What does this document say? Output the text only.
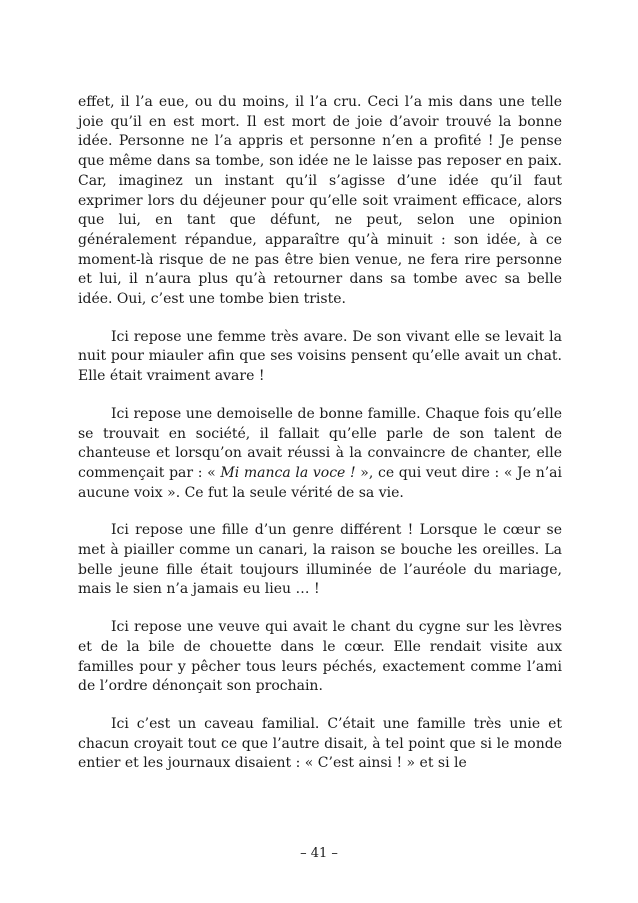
effet, il l’a eue, ou du moins, il l’a cru. Ceci l’a mis dans une telle joie qu’il en est mort. Il est mort de joie d’avoir trouvé la bonne idée. Personne ne l’a appris et personne n’en a profité ! Je pense que même dans sa tombe, son idée ne le laisse pas reposer en paix. Car, imaginez un instant qu’il s’agisse d’une idée qu’il faut exprimer lors du déjeuner pour qu’elle soit vraiment efficace, alors que lui, en tant que défunt, ne peut, selon une opinion généralement répandue, apparaître qu’à minuit : son idée, à ce moment-là risque de ne pas être bien venue, ne fera rire personne et lui, il n’aura plus qu’à retourner dans sa tombe avec sa belle idée. Oui, c’est une tombe bien triste.

Ici repose une femme très avare. De son vivant elle se levait la nuit pour miauler afin que ses voisins pensent qu’elle avait un chat. Elle était vraiment avare !

Ici repose une demoiselle de bonne famille. Chaque fois qu’elle se trouvait en société, il fallait qu’elle parle de son talent de chanteuse et lorsqu’on avait réussi à la convaincre de chanter, elle commençait par : « Mi manca la voce ! », ce qui veut dire : « Je n’ai aucune voix ». Ce fut la seule vérité de sa vie.

Ici repose une fille d’un genre différent ! Lorsque le cœur se met à piailler comme un canari, la raison se bouche les oreilles. La belle jeune fille était toujours illuminée de l’auréole du mariage, mais le sien n’a jamais eu lieu … !

Ici repose une veuve qui avait le chant du cygne sur les lèvres et de la bile de chouette dans le cœur. Elle rendait visite aux familles pour y pêcher tous leurs péchés, exactement comme l’ami de l’ordre dénonçait son prochain.

Ici c’est un caveau familial. C’était une famille très unie et chacun croyait tout ce que l’autre disait, à tel point que si le monde entier et les journaux disaient : « C’est ainsi ! » et si le

– 41 –
